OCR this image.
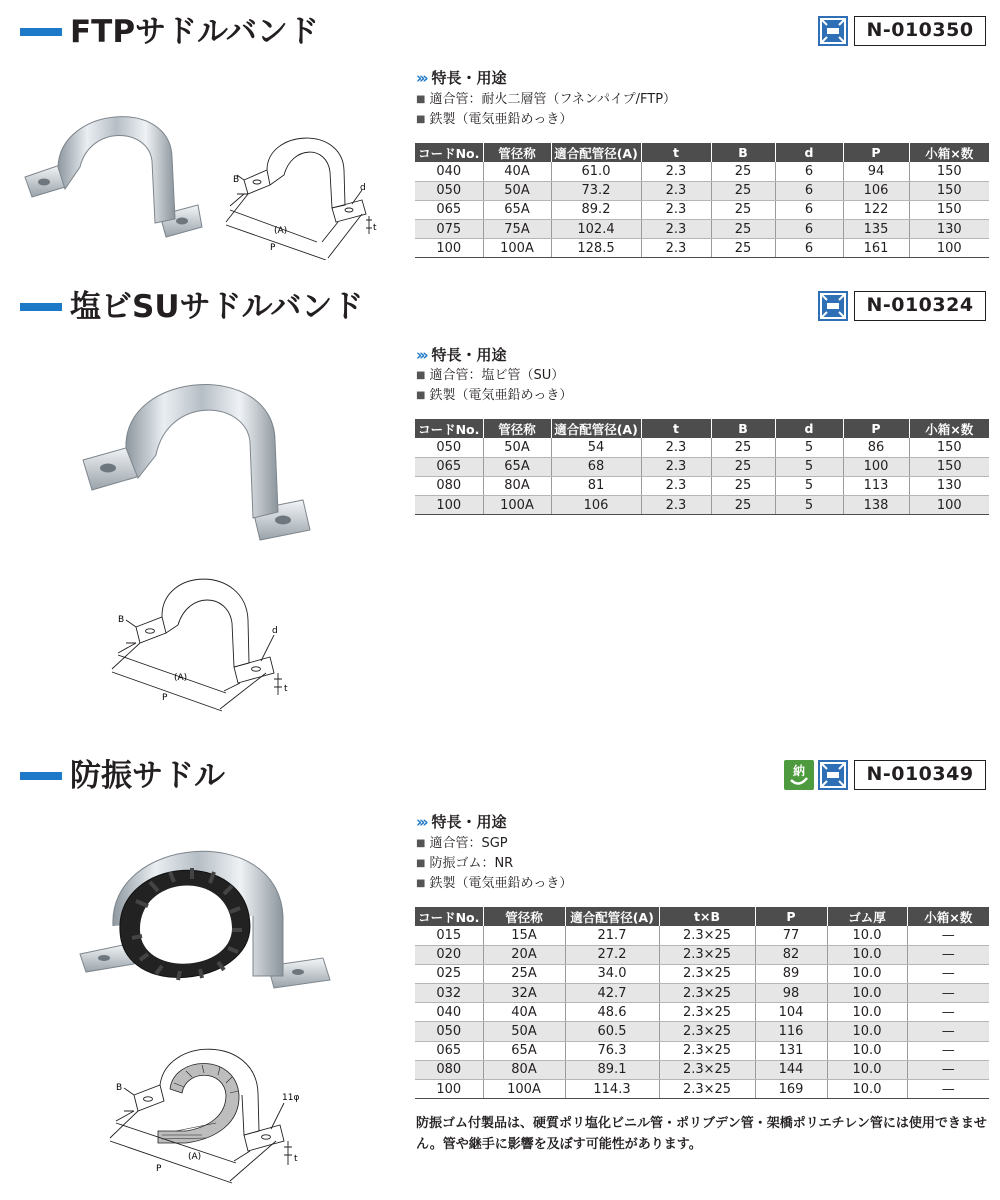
FTPサドルバンド	N-010350
B
(A)
P
d
t
››› 特長・用途
■ 適合管：耐火二層管（フネンパイプ/FTP）
■ 鉄製（電気亜鉛めっき）
コードNo.	管径称	適合配管径(A)	t	B	d	P	小箱×数
040	40A	61.0	2.3	25	6	94	150
050	50A	73.2	2.3	25	6	106	150
065	65A	89.2	2.3	25	6	122	150
075	75A	102.4	2.3	25	6	135	130
100	100A	128.5	2.3	25	6	161	100
塩ビSUサドルバンド	N-010324
B
(A)
P
d
t
››› 特長・用途
■ 適合管：塩ビ管（SU）
■ 鉄製（電気亜鉛めっき）
コードNo.	管径称	適合配管径(A)	t	B	d	P	小箱×数
050	50A	54	2.3	25	5	86	150
065	65A	68	2.3	25	5	100	150
080	80A	81	2.3	25	5	113	130
100	100A	106	2.3	25	5	138	100
防振サドル	納	N-010349
B
(A)
P
11φ
t
››› 特長・用途
■ 適合管：SGP
■ 防振ゴム：NR
■ 鉄製（電気亜鉛めっき）
コードNo.	管径称	適合配管径(A)	t×B	P	ゴム厚	小箱×数
015	15A	21.7	2.3×25	77	10.0	—
020	20A	27.2	2.3×25	82	10.0	—
025	25A	34.0	2.3×25	89	10.0	—
032	32A	42.7	2.3×25	98	10.0	—
040	40A	48.6	2.3×25	104	10.0	—
050	50A	60.5	2.3×25	116	10.0	—
065	65A	76.3	2.3×25	131	10.0	—
080	80A	89.1	2.3×25	144	10.0	—
100	100A	114.3	2.3×25	169	10.0	—
防振ゴム付製品は、硬質ポリ塩化ビニル管・ポリブデン管・架橋ポリエチレン管には使用できません。管や継手に影響を及ぼす可能性があります。
